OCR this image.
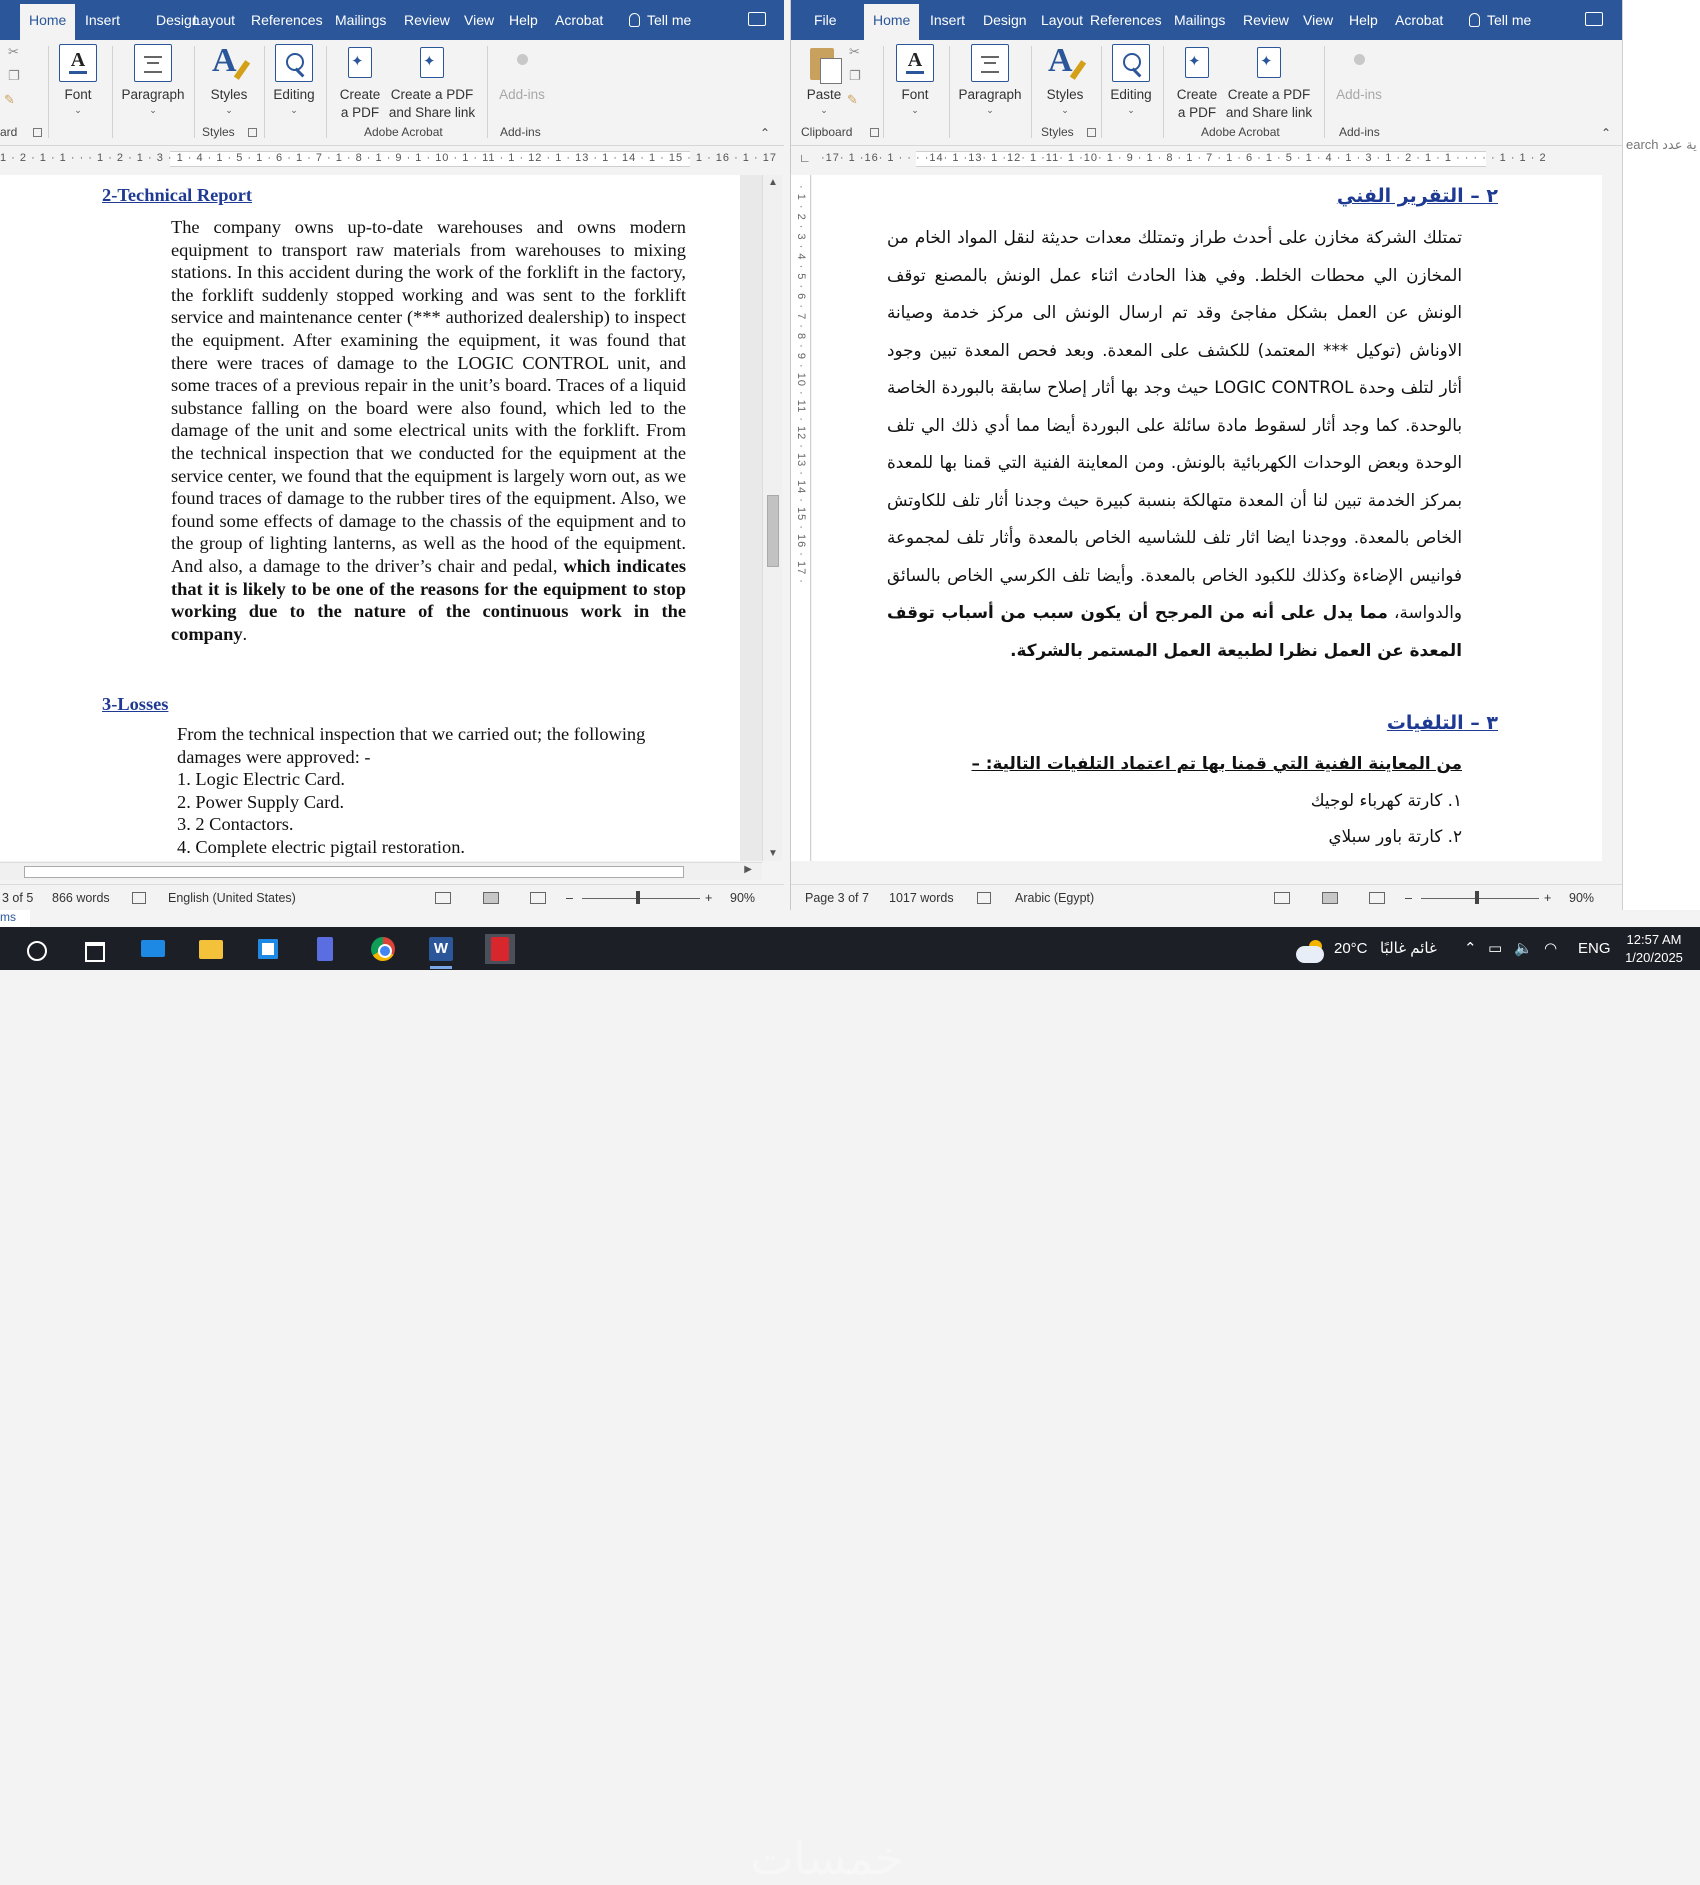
Home	Insert	Design
Layout	References Mailings	Review	View	Help	Acrobat	Tell me
✂
❐
✎
ard
A
Font
⌄
Paragraph
⌄
A
Styles
⌄
Styles
Editing
⌄
✦
Create
a PDF
✦
Create a PDF
and Share link
Adobe Acrobat
Add-ins
Add-ins	⌃
1 · 2 · 1 · 1 · · · 1 · 2 · 1 · 3 · 1 · 4 · 1 · 5 · 1 · 6 · 1 · 7 · 1 · 8 · 1 · 9 · 1 · 10 · 1 · 11 · 1 · 12 · 1 · 13 · 1 · 14 · 1 · 15 · 1 · 16 · 1 · 17
2-Technical Report
The company owns up-to-date warehouses and owns modern equipment to transport raw materials from warehouses to mixing stations. In this accident during the work of the forklift in the factory, the forklift suddenly stopped working and was sent to the forklift service and maintenance center (*** authorized dealership) to inspect the equipment. After examining the equipment, it was found that there were traces of damage to the LOGIC CONTROL unit, and some traces of a previous repair in the unit’s board. Traces of a liquid substance falling on the board were also found, which led to the damage of the unit and some electrical units with the forklift. From the technical inspection that we conducted for the equipment at the service center, we found that the equipment is largely worn out, as we found traces of damage to the rubber tires of the equipment. Also, we found some effects of damage to the chassis of the equipment and to the group of lighting lanterns, as well as the hood of the equipment. And also, a damage to the driver’s chair and pedal, which indicates that it is likely to be one of the reasons for the equipment to stop working due to the nature of the continuous work in the company.
3-Losses
From the technical inspection that we carried out; the following damages were approved: -
1. Logic Electric Card.
2. Power Supply Card.
3. 2 Contactors.
4. Complete electric pigtail restoration.
▲
▼
▶
3 of 5 866 words	English (United States)	–	+ 90%
File	Home	Insert	Design	Layout References Mailings	Review	View	Help	Acrobat	Tell me
Paste
⌄
✂
❐
✎
Clipboard
A
Font
⌄
Paragraph
⌄
A
Styles
⌄
Styles
Editing
⌄
✦
Create
a PDF
✦
Create a PDF
and Share link
Adobe Acrobat
Add-ins
Add-ins	⌃
∟ ·17· 1 ·16· 1 · · · ·14· 1 ·13· 1 ·12· 1 ·11· 1 ·10· 1 · 9 · 1 · 8 · 1 · 7 · 1 · 6 · 1 · 5 · 1 · 4 · 1 · 3 · 1 · 2 · 1 · 1 · · · · · 1 · 1 · 2
· 1 · 2 · 3 · 4 · 5 · 6 · 7 · 8 · 9 · 10 · 11 · 12 · 13 · 14 · 15 · 16 · 17 ·	٢ – التقرير الفني
تمتلك الشركة مخازن على أحدث طراز وتمتلك معدات حديثة لنقل المواد الخام من المخازن الي محطات الخلط. وفي هذا الحادث اثناء عمل الونش بالمصنع توقف الونش عن العمل بشكل مفاجئ وقد تم ارسال الونش الى مركز خدمة وصيانة الاوناش (توكيل *** المعتمد) للكشف على المعدة. وبعد فحص المعدة تبين وجود أثار لتلف وحدة LOGIC CONTROL حيث وجد بها أثار إصلاح سابقة بالبوردة الخاصة بالوحدة. كما وجد أثار لسقوط مادة سائلة على البوردة أيضا مما أدي ذلك الي تلف الوحدة وبعض الوحدات الكهربائية بالونش. ومن المعاينة الفنية التي قمنا بها للمعدة بمركز الخدمة تبين لنا أن المعدة متهالكة بنسبة كبيرة حيث وجدنا أثار تلف للكاوتش الخاص بالمعدة. ووجدنا ايضا اثار تلف للشاسيه الخاص بالمعدة وأثار تلف لمجموعة فوانيس الإضاءة وكذلك للكبود الخاص بالمعدة. وأيضا تلف الكرسي الخاص بالسائق والدواسة، مما يدل على أنه من المرجح أن يكون سبب من أسباب توقف المعدة عن العمل نظرا لطبيعة العمل المستمر بالشركة.
٣ – التلفيات
من المعاينة الفنية التي قمنا بها تم اعتماد التلفيات التالية: –
١. كارتة كهرباء لوجيك
٢. كارتة باور سبلاي
Page 3 of 7 1017 words	Arabic (Egypt)	–	+ 90%
ية عدد earch
ms
W
خمسات
20°C غائم غالبًا ⌃ ▭ 🔈 ◠ ENG
12:57 AM
1/20/2025
